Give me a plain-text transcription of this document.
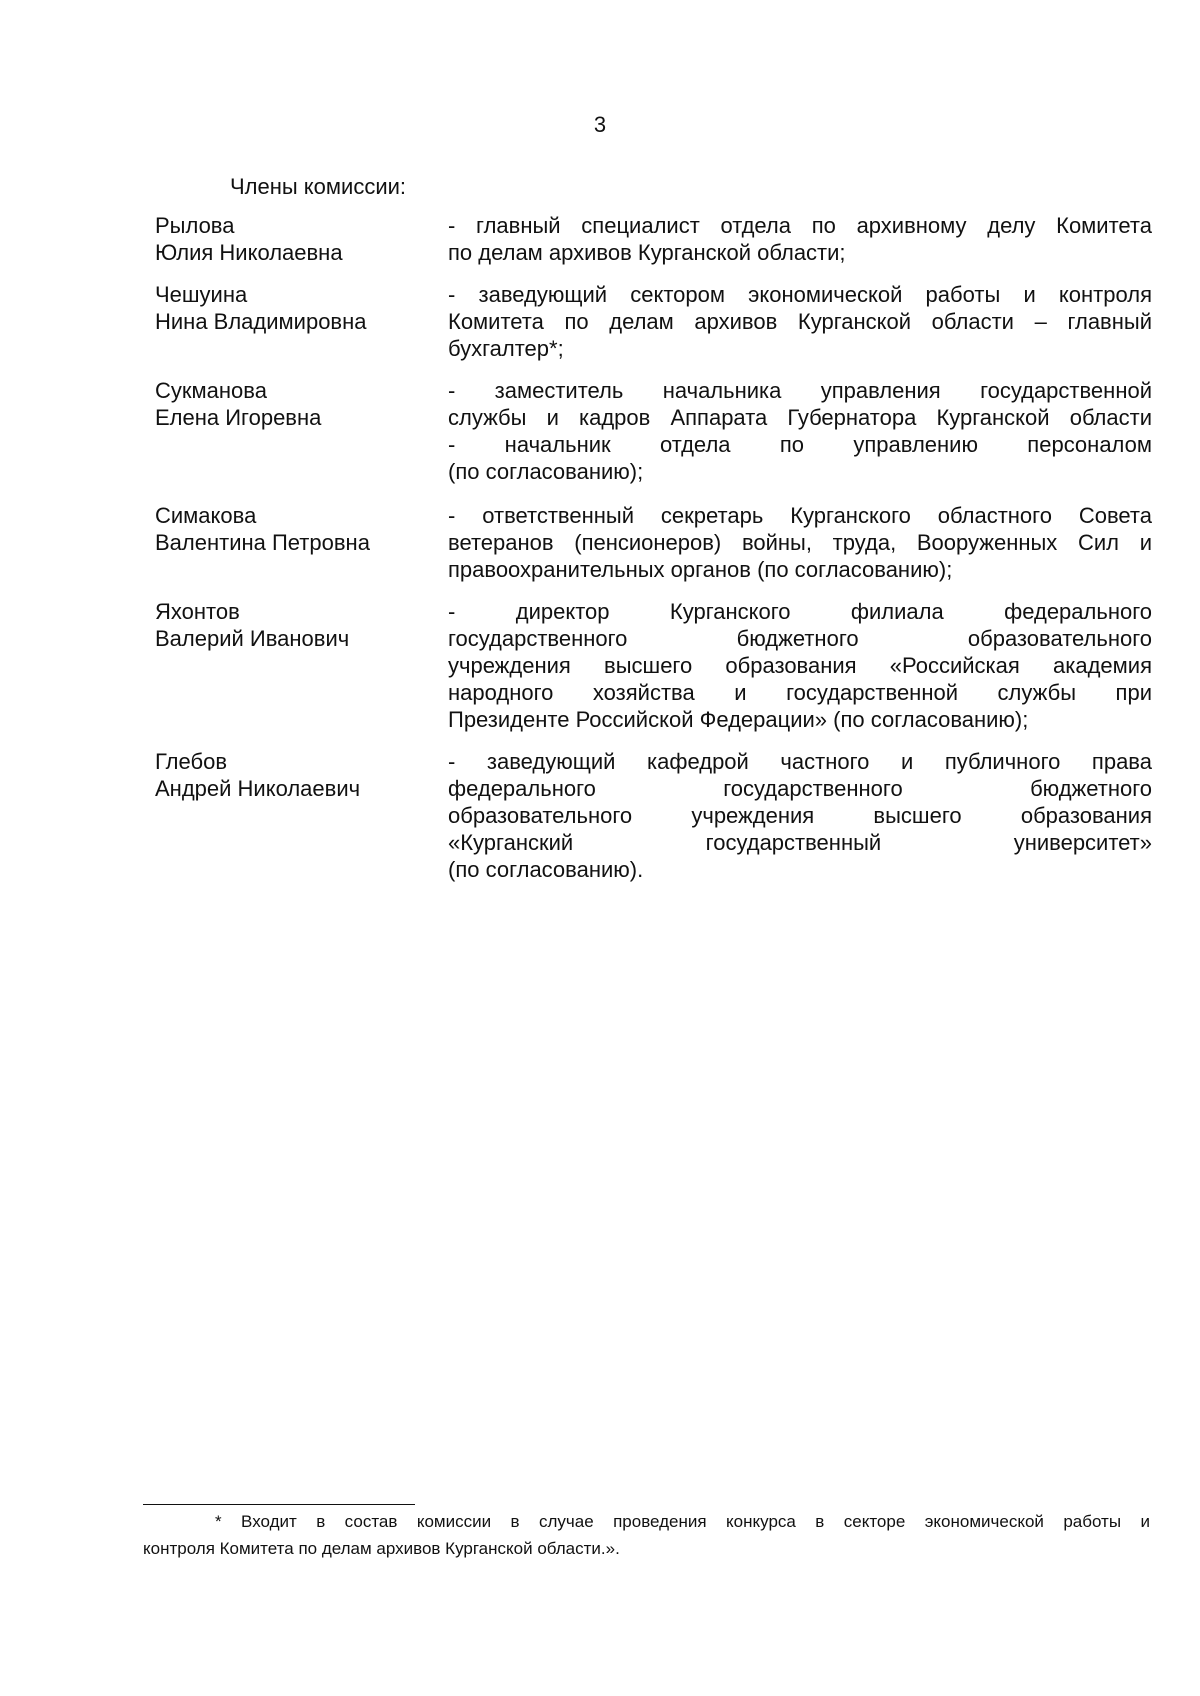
3
Члены комиссии:
Рылова
Юлия Николаевна
- главный специалист отдела по архивному делу Комитета
по делам архивов Курганской области;
Чешуина
Нина Владимировна
- заведующий сектором экономической работы и контроля
Комитета по делам архивов Курганской области – главный
бухгалтер*;
Сукманова
Елена Игоревна
- заместитель начальника управления государственной
службы и кадров Аппарата Губернатора Курганской области
- начальник отдела по управлению персоналом
(по согласованию);
Симакова
Валентина Петровна
- ответственный секретарь Курганского областного Совета
ветеранов (пенсионеров) войны, труда, Вооруженных Сил и
правоохранительных органов (по согласованию);
Яхонтов
Валерий Иванович
- директор Курганского филиала федерального
государственного бюджетного образовательного
учреждения высшего образования «Российская академия
народного хозяйства и государственной службы при
Президенте Российской Федерации» (по согласованию);
Глебов
Андрей Николаевич
- заведующий кафедрой частного и публичного права
федерального государственного бюджетного
образовательного учреждения высшего образования
«Курганский государственный университет»
(по согласованию).
* Входит в состав комиссии в случае проведения конкурса в секторе экономической работы и
контроля Комитета по делам архивов Курганской области.».
